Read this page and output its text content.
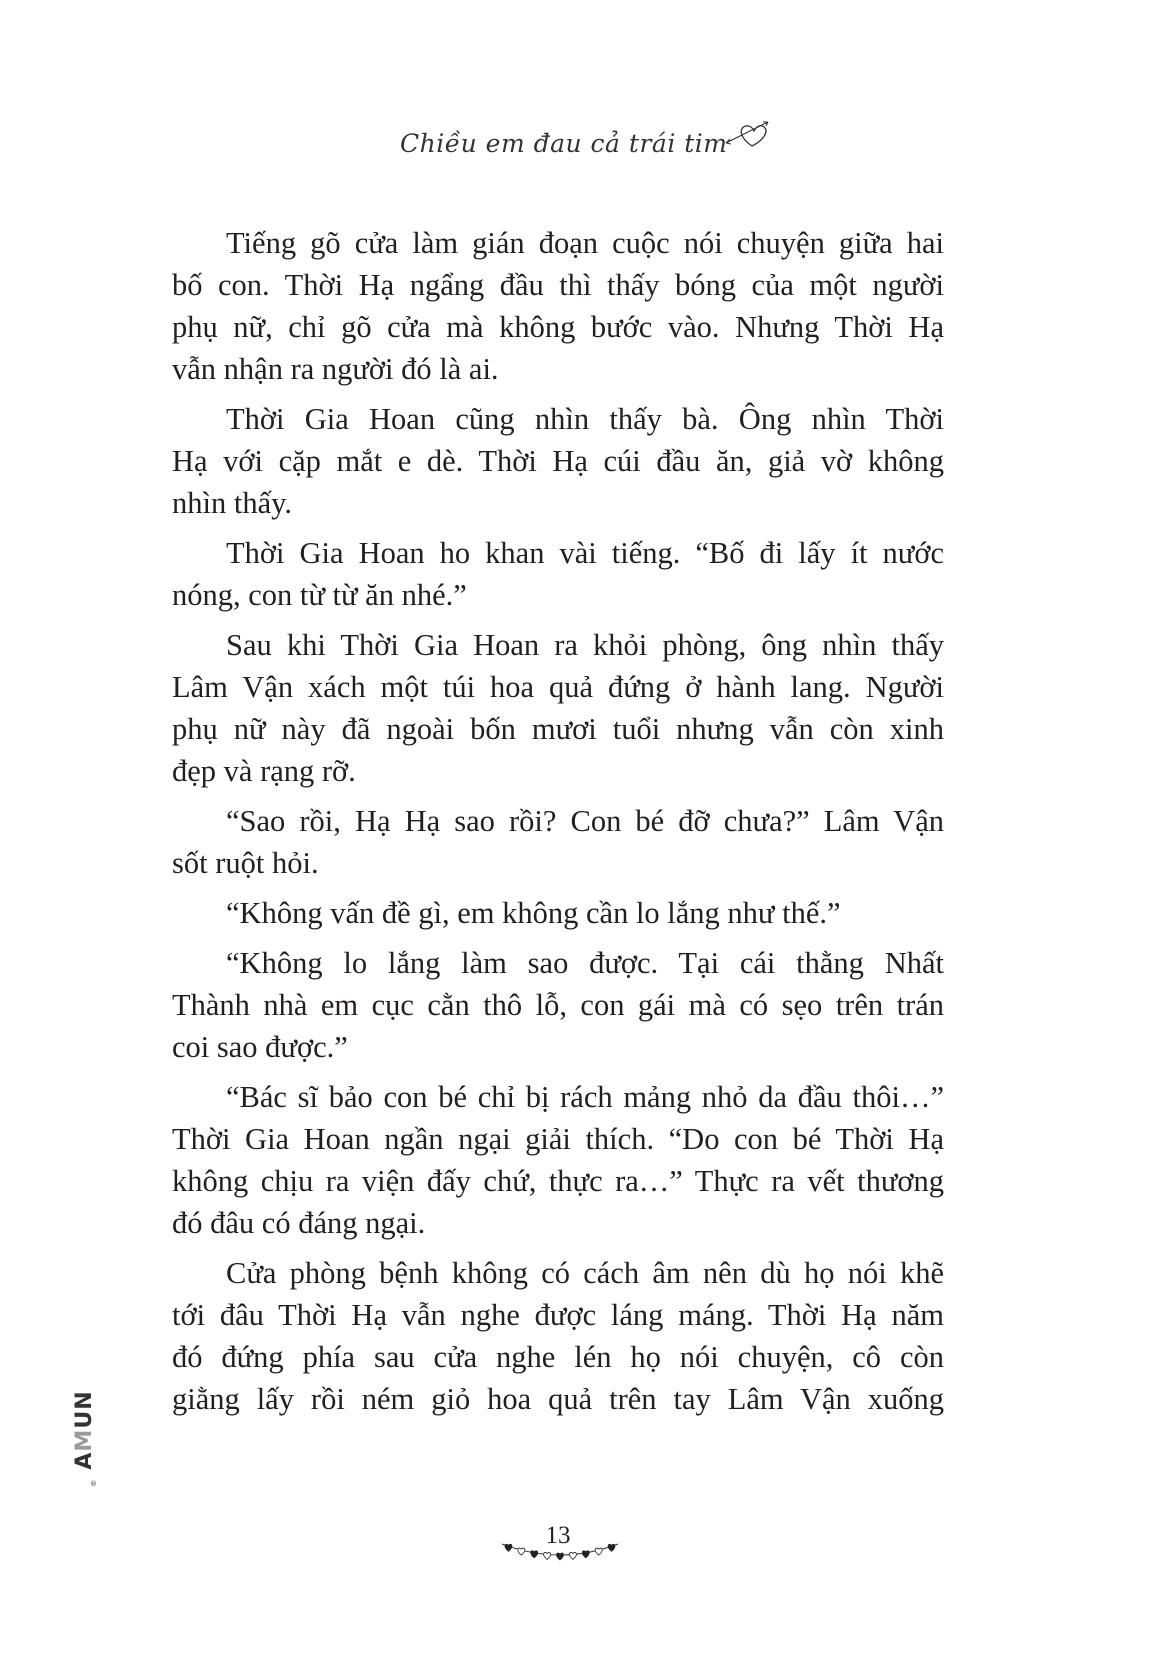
Chiều em đau cả trái tim
Tiếng gõ cửa làm gián đoạn cuộc nói chuyện giữa hai
bố con. Thời Hạ ngẩng đầu thì thấy bóng của một người
phụ nữ, chỉ gõ cửa mà không bước vào. Nhưng Thời Hạ
vẫn nhận ra người đó là ai.
Thời Gia Hoan cũng nhìn thấy bà. Ông nhìn Thời
Hạ với cặp mắt e dè. Thời Hạ cúi đầu ăn, giả vờ không
nhìn thấy.
Thời Gia Hoan ho khan vài tiếng. “Bố đi lấy ít nước
nóng, con từ từ ăn nhé.”
Sau khi Thời Gia Hoan ra khỏi phòng, ông nhìn thấy
Lâm Vận xách một túi hoa quả đứng ở hành lang. Người
phụ nữ này đã ngoài bốn mươi tuổi nhưng vẫn còn xinh
đẹp và rạng rỡ.
“Sao rồi, Hạ Hạ sao rồi? Con bé đỡ chưa?” Lâm Vận
sốt ruột hỏi.
“Không vấn đề gì, em không cần lo lắng như thế.”
“Không lo lắng làm sao được. Tại cái thằng Nhất
Thành nhà em cục cằn thô lỗ, con gái mà có sẹo trên trán
coi sao được.”
“Bác sĩ bảo con bé chỉ bị rách mảng nhỏ da đầu thôi…”
Thời Gia Hoan ngần ngại giải thích. “Do con bé Thời Hạ
không chịu ra viện đấy chứ, thực ra…” Thực ra vết thương
đó đâu có đáng ngại.
Cửa phòng bệnh không có cách âm nên dù họ nói khẽ
tới đâu Thời Hạ vẫn nghe được láng máng. Thời Hạ năm
đó đứng phía sau cửa nghe lén họ nói chuyện, cô còn
giằng lấy rồi ném giỏ hoa quả trên tay Lâm Vận xuống
13
AMUN
®
